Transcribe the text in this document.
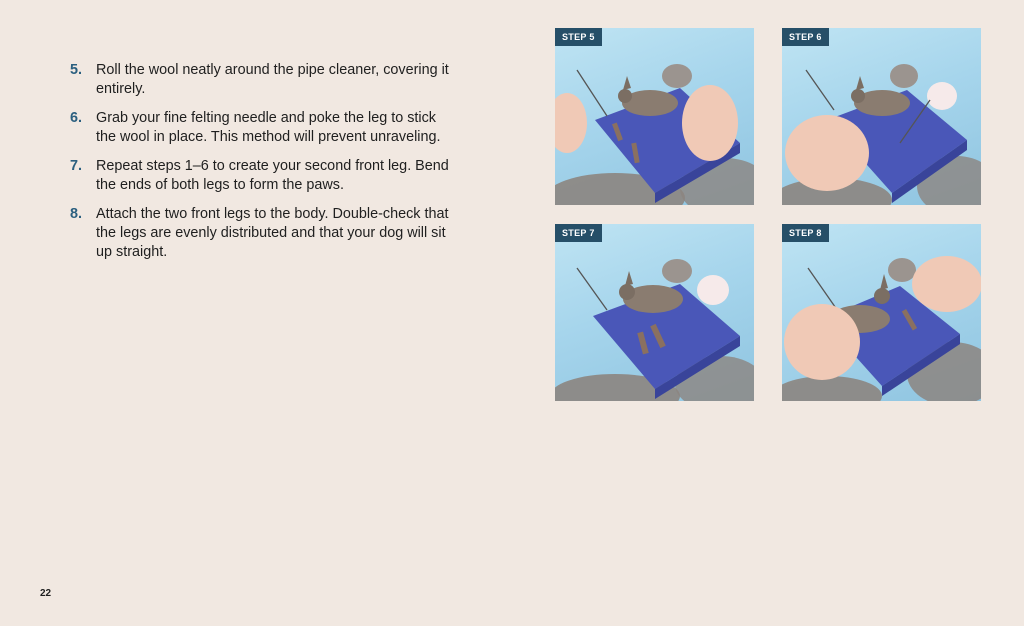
5. Roll the wool neatly around the pipe cleaner, covering it entirely.
6. Grab your fine felting needle and poke the leg to stick the wool in place. This method will prevent unraveling.
7. Repeat steps 1–6 to create your second front leg. Bend the ends of both legs to form the paws.
8. Attach the two front legs to the body. Double-check that the legs are evenly distributed and that your dog will sit up straight.
STEP 5	STEP 6
STEP 7	STEP 8
22
